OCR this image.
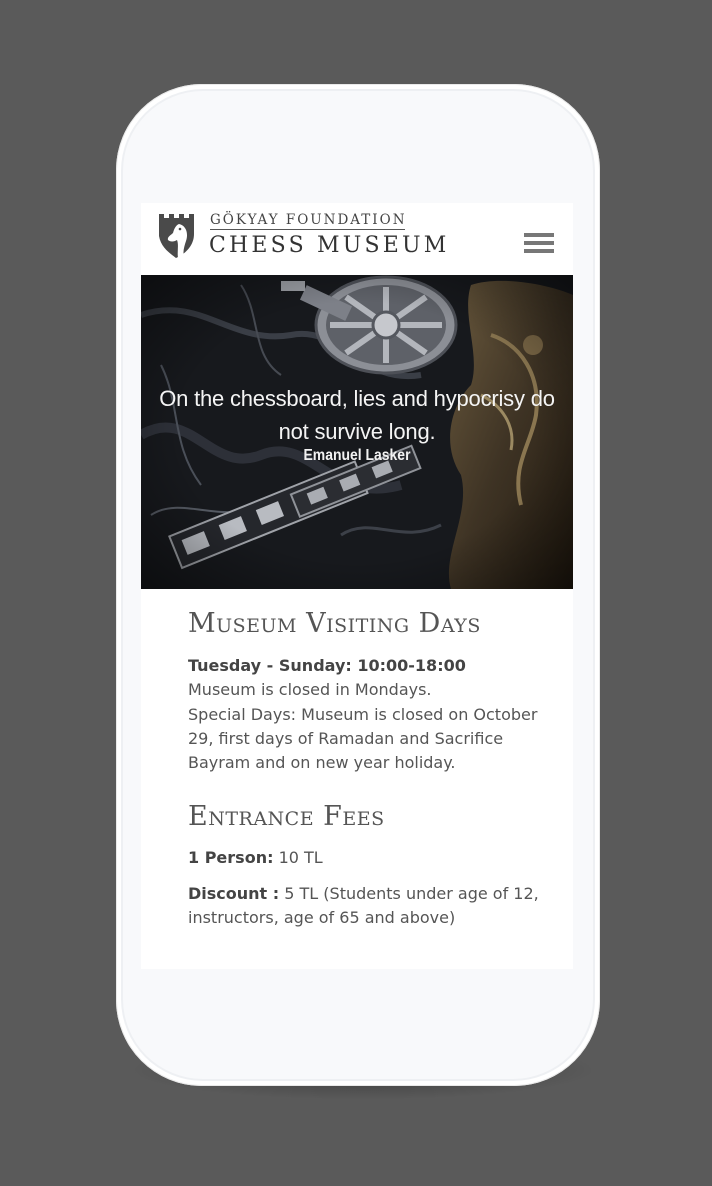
GÖKYAY FOUNDATION
CHESS MUSEUM
On the chessboard, lies and hypocrisy do not survive long.
Emanuel Lasker
Museum Visiting Days

Tuesday - Sunday: 10:00-18:00

Museum is closed in Mondays.

Special Days: Museum is closed on October 29, first days of Ramadan and Sacrifice Bayram and on new year holiday.

Entrance Fees

1 Person: 10 TL

Discount : 5 TL (Students under age of 12, instructors, age of 65 and above)
